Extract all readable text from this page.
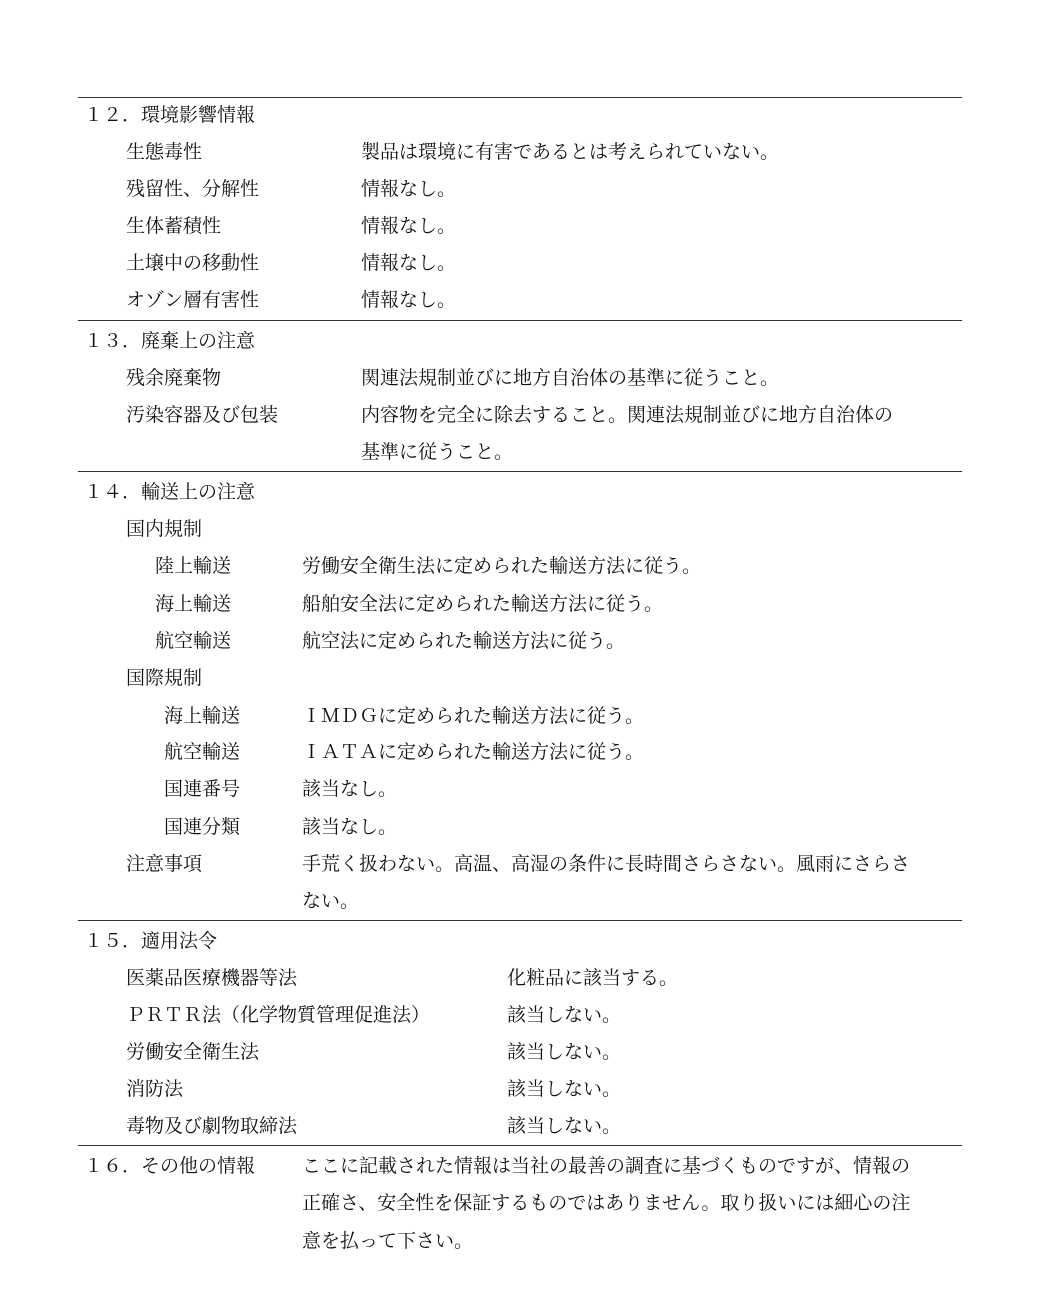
１２．環境影響情報
生態毒性	製品は環境に有害であるとは考えられていない。
残留性、分解性	情報なし。
生体蓄積性	情報なし。
土壌中の移動性	情報なし。
オゾン層有害性	情報なし。
１３．廃棄上の注意
残余廃棄物	関連法規制並びに地方自治体の基準に従うこと。
汚染容器及び包装	内容物を完全に除去すること。関連法規制並びに地方自治体の
基準に従うこと。
１４．輸送上の注意
国内規制
陸上輸送	労働安全衛生法に定められた輸送方法に従う。
海上輸送	船舶安全法に定められた輸送方法に従う。
航空輸送	航空法に定められた輸送方法に従う。
国際規制
海上輸送	ＩＭＤＧに定められた輸送方法に従う。
航空輸送	ＩＡＴＡに定められた輸送方法に従う。
国連番号	該当なし。
国連分類	該当なし。
注意事項	手荒く扱わない。高温、高湿の条件に長時間さらさない。風雨にさらさ
ない。
１５．適用法令
医薬品医療機器等法	化粧品に該当する。
ＰＲＴＲ法（化学物質管理促進法）	該当しない。
労働安全衛生法	該当しない。
消防法	該当しない。
毒物及び劇物取締法	該当しない。
１６．その他の情報 ここに記載された情報は当社の最善の調査に基づくものですが、情報の
正確さ、安全性を保証するものではありません。取り扱いには細心の注
意を払って下さい。
